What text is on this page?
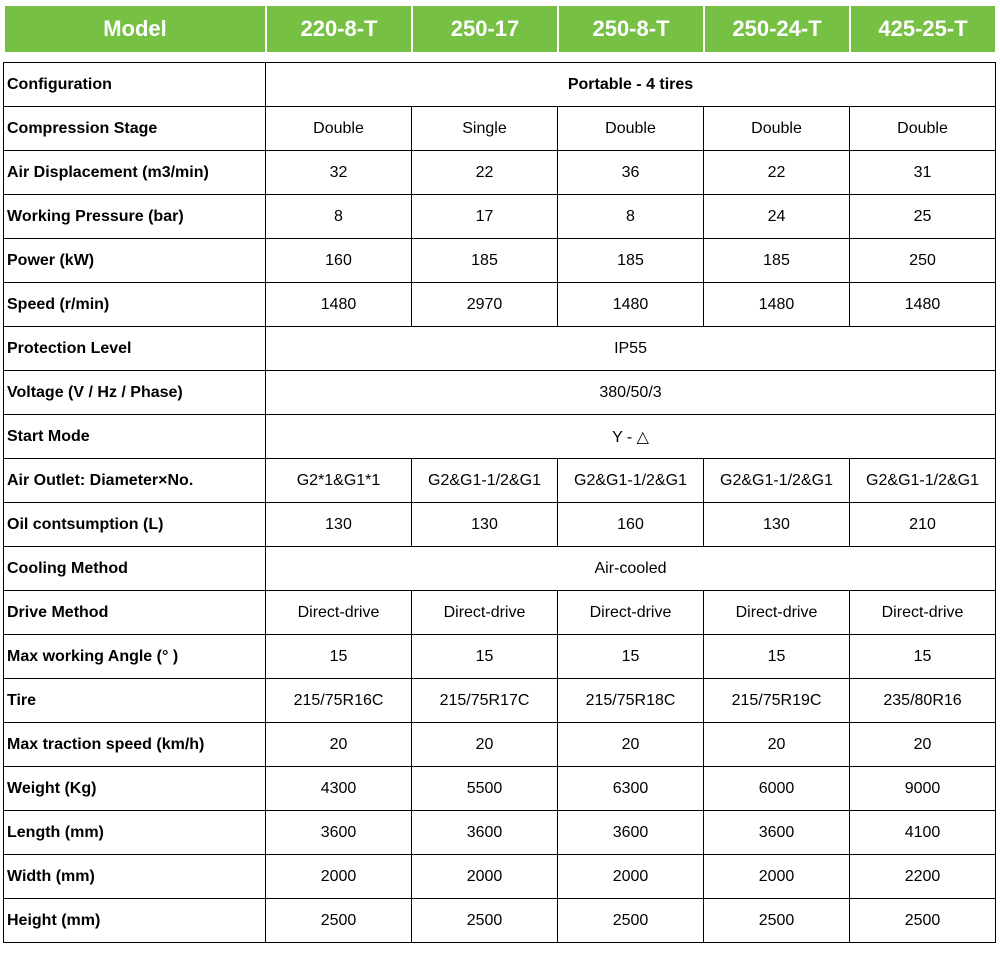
Model	220-8-T	250-17	250-8-T	250-24-T	425-25-T
Configuration	Portable - 4 tires				
Compression Stage	Double	Single	Double	Double	Double
Air Displacement (m3/min)	32	22	36	22	31
Working Pressure (bar)	8	17	8	24	25
Power (kW)	160	185	185	185	250
Speed (r/min)	1480	2970	1480	1480	1480
Protection Level	IP55				
Voltage (V / Hz / Phase)	380/50/3				
Start Mode	Y - △				
Air Outlet: Diameter×No.	G2*1&G1*1	G2&G1-1/2&G1	G2&G1-1/2&G1	G2&G1-1/2&G1	G2&G1-1/2&G1
Oil contsumption (L)	130	130	160	130	210
Cooling Method	Air-cooled				
Drive Method	Direct-drive	Direct-drive	Direct-drive	Direct-drive	Direct-drive
Max working Angle (° )	15	15	15	15	15
Tire	215/75R16C	215/75R17C	215/75R18C	215/75R19C	235/80R16
Max traction speed (km/h)	20	20	20	20	20
Weight (Kg)	4300	5500	6300	6000	9000
Length (mm)	3600	3600	3600	3600	4100
Width (mm)	2000	2000	2000	2000	2200
Height (mm)	2500	2500	2500	2500	2500
